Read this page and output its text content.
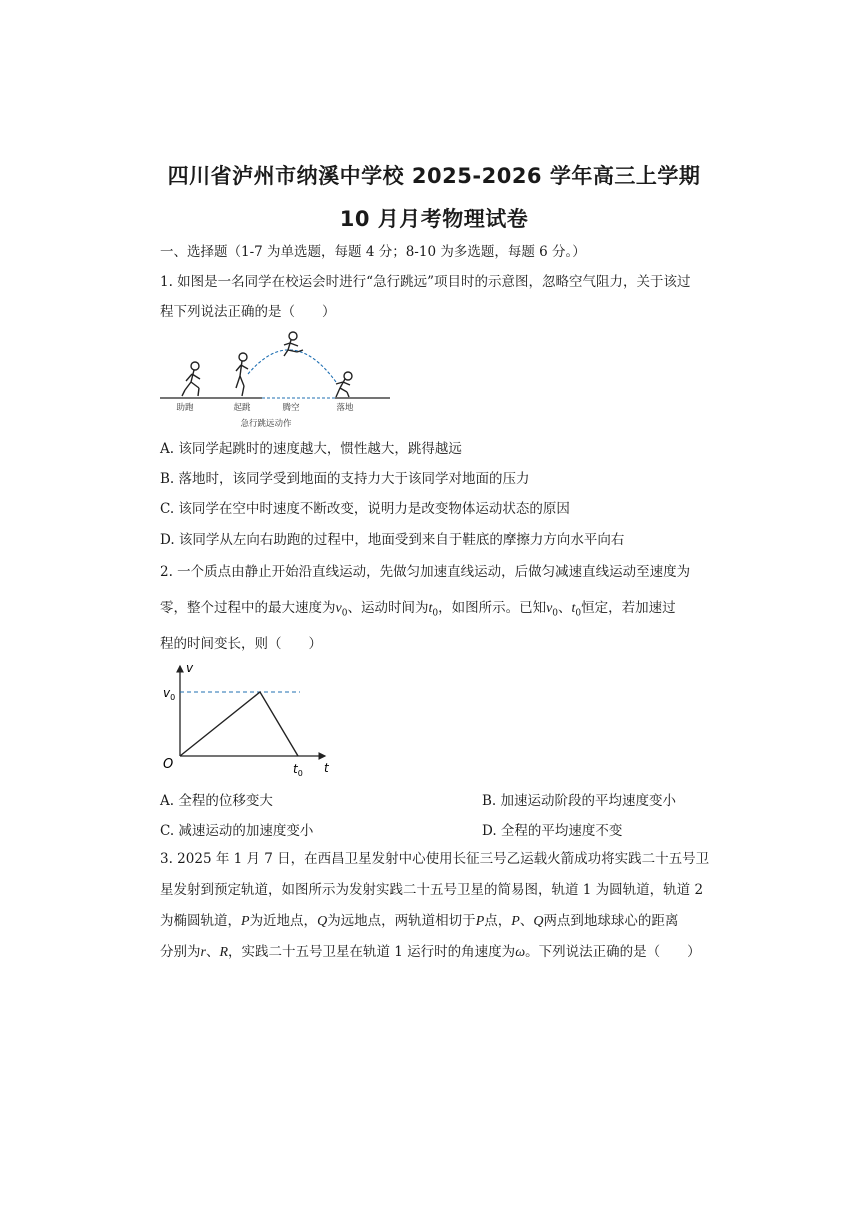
四川省泸州市纳溪中学校 2025-2026 学年高三上学期
10 月月考物理试卷
一、选择题（1-7 为单选题，每题 4 分；8-10 为多选题，每题 6 分。）
1. 如图是一名同学在校运会时进行“急行跳远”项目时的示意图，忽略空气阻力，关于该过
程下列说法正确的是（　　）
助跑	起跳	腾空	落地
急行跳远动作
A. 该同学起跳时的速度越大，惯性越大，跳得越远
B. 落地时，该同学受到地面的支持力大于该同学对地面的压力
C. 该同学在空中时速度不断改变，说明力是改变物体运动状态的原因
D. 该同学从左向右助跑的过程中，地面受到来自于鞋底的摩擦力方向水平向右
2. 一个质点由静止开始沿直线运动，先做匀加速直线运动，后做匀减速直线运动至速度为
零，整个过程中的最大速度为$v_0$、运动时间为$t_0$，如图所示。已知$v_0$、$t_0$恒定，若加速过
程的时间变长，则（　　）
v
t
O
$v_0$
$t_0$
A. 全程的位移变大	B. 加速运动阶段的平均速度变小
C. 减速运动的加速度变小	D. 全程的平均速度不变
3. 2025 年 1 月 7 日，在西昌卫星发射中心使用长征三号乙运载火箭成功将实践二十五号卫
星发射到预定轨道，如图所示为发射实践二十五号卫星的简易图，轨道 1 为圆轨道，轨道 2
为椭圆轨道，P为近地点，Q为远地点，两轨道相切于P点，P、Q两点到地球球心的距离
分别为r、R，实践二十五号卫星在轨道 1 运行时的角速度为ω。下列说法正确的是（　　）
